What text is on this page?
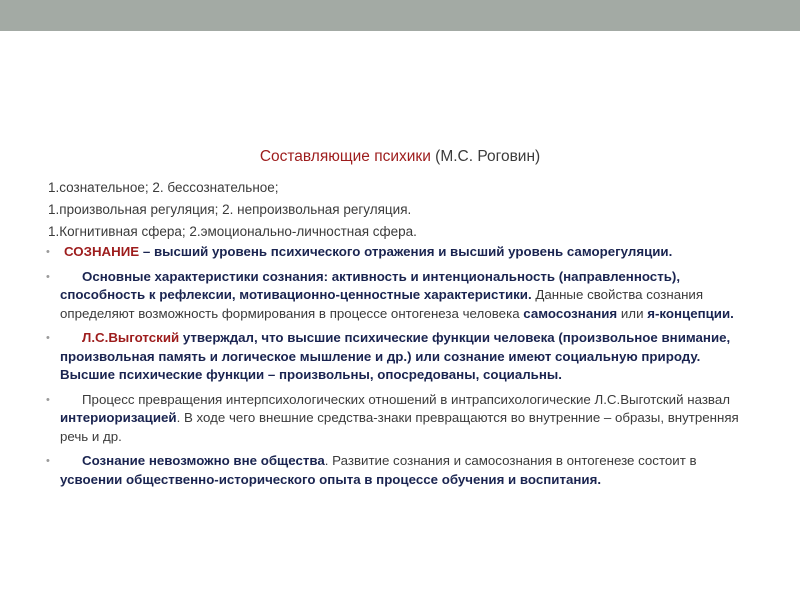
Составляющие психики (М.С. Роговин)
1.сознательное; 2. бессознательное;
1.произвольная регуляция; 2. непроизвольная регуляция.
1.Когнитивная сфера; 2.эмоционально-личностная сфера.
• СОЗНАНИЕ – высший уровень психического отражения и высший уровень саморегуляции.
• Основные характеристики сознания: активность и интенциональность (направленность), способность к рефлексии, мотивационно-ценностные характеристики. Данные свойства сознания определяют возможность формирования в процессе онтогенеза человека самосознания или я-концепции.
• Л.С.Выготский утверждал, что высшие психические функции человека (произвольное внимание, произвольная память и логическое мышление и др.) или сознание имеют социальную природу. Высшие психические функции – произвольны, опосредованы, социальны.
• Процесс превращения интерпсихологических отношений в интрапсихологические Л.С.Выготский назвал интериоризацией. В ходе чего внешние средства-знаки превращаются во внутренние – образы, внутренняя речь и др.
• Сознание невозможно вне общества. Развитие сознания и самосознания в онтогенезе состоит в усвоении общественно-исторического опыта в процессе обучения и воспитания.
